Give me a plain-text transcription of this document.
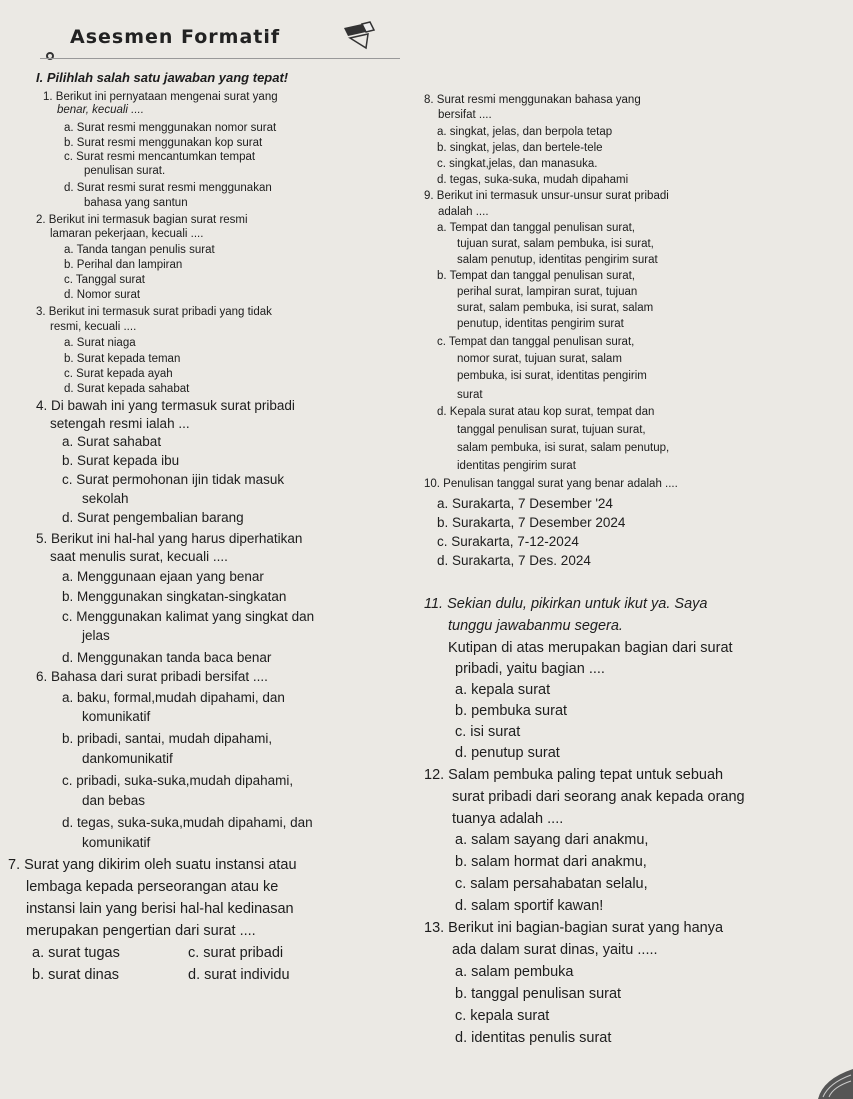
Asesmen Formatif
I. Pilihlah salah satu jawaban yang tepat!
1. Berikut ini pernyataan mengenai surat yang
benar, kecuali ....
a. Surat resmi menggunakan nomor surat
b. Surat resmi menggunakan kop surat
c. Surat resmi mencantumkan tempat
penulisan surat.
d. Surat resmi surat resmi menggunakan
bahasa yang santun
2. Berikut ini termasuk bagian surat resmi
lamaran pekerjaan, kecuali ....
a. Tanda tangan penulis surat
b. Perihal dan lampiran
c. Tanggal surat
d. Nomor surat
3. Berikut ini termasuk surat pribadi yang tidak
resmi, kecuali ....
a. Surat niaga
b. Surat kepada teman
c. Surat kepada ayah
d. Surat kepada sahabat
4. Di bawah ini yang termasuk surat pribadi
setengah resmi ialah ...
a. Surat sahabat
b. Surat kepada ibu
c. Surat permohonan ijin tidak masuk
sekolah
d. Surat pengembalian barang
5. Berikut ini hal-hal yang harus diperhatikan
saat menulis surat, kecuali ....
a. Menggunaan ejaan yang benar
b. Menggunakan singkatan-singkatan
c. Menggunakan kalimat yang singkat dan
jelas
d. Menggunakan tanda baca benar
6. Bahasa dari surat pribadi bersifat ....
a. baku, formal,mudah dipahami, dan
komunikatif
b. pribadi, santai, mudah dipahami,
dankomunikatif
c. pribadi, suka-suka,mudah dipahami,
dan bebas
d. tegas, suka-suka,mudah dipahami, dan
komunikatif
7. Surat yang dikirim oleh suatu instansi atau
lembaga kepada perseorangan atau ke
instansi lain yang berisi hal-hal kedinasan
merupakan pengertian dari surat ....
a. surat tugas	c. surat pribadi
b. surat dinas	d. surat individu
8. Surat resmi menggunakan bahasa yang
bersifat ....
a. singkat, jelas, dan berpola tetap
b. singkat, jelas, dan bertele-tele
c. singkat,jelas, dan manasuka.
d. tegas, suka-suka, mudah dipahami
9. Berikut ini termasuk unsur-unsur surat pribadi
adalah ....
a. Tempat dan tanggal penulisan surat,
tujuan surat, salam pembuka, isi surat,
salam penutup, identitas pengirim surat
b. Tempat dan tanggal penulisan surat,
perihal surat, lampiran surat, tujuan
surat, salam pembuka, isi surat, salam
penutup, identitas pengirim surat
c. Tempat dan tanggal penulisan surat,
nomor surat, tujuan surat, salam
pembuka, isi surat, identitas pengirim
surat
d. Kepala surat atau kop surat, tempat dan
tanggal penulisan surat, tujuan surat,
salam pembuka, isi surat, salam penutup,
identitas pengirim surat
10. Penulisan tanggal surat yang benar adalah ....
a. Surakarta, 7 Desember '24
b. Surakarta, 7 Desember 2024
c. Surakarta, 7-12-2024
d. Surakarta, 7 Des. 2024
11. Sekian dulu, pikirkan untuk ikut ya. Saya
tunggu jawabanmu segera.
Kutipan di atas merupakan bagian dari surat
pribadi, yaitu bagian ....
a. kepala surat
b. pembuka surat
c. isi surat
d. penutup surat
12. Salam pembuka paling tepat untuk sebuah
surat pribadi dari seorang anak kepada orang
tuanya adalah ....
a. salam sayang dari anakmu,
b. salam hormat dari anakmu,
c. salam persahabatan selalu,
d. salam sportif kawan!
13. Berikut ini bagian-bagian surat yang hanya
ada dalam surat dinas, yaitu .....
a. salam pembuka
b. tanggal penulisan surat
c. kepala surat
d. identitas penulis surat
